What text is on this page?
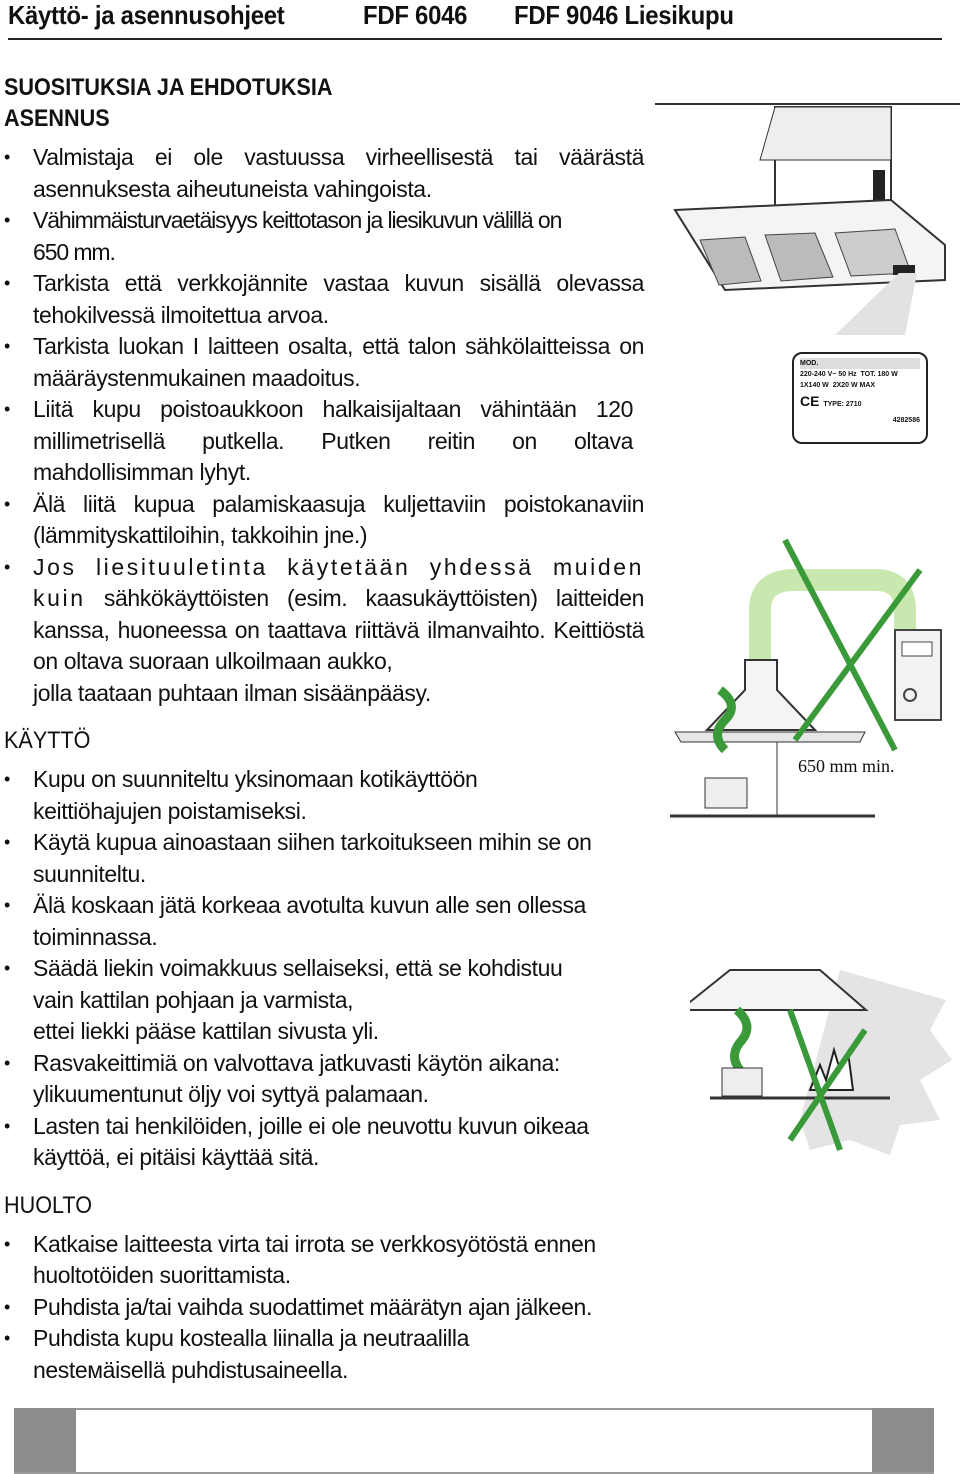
Käyttö- ja asennusohjeet	FDF 6046 FDF 9046 Liesikupu

SUOSITUKSIA JA EHDOTUKSIA

ASENNUS

• Valmistaja ei ole vastuussa virheellisestä tai väärästä asennuksesta aiheutuneista vahingoista.
• Vähimmäisturvaetäisyys keittotason ja liesikuvun välillä on 650 mm.
• Tarkista että verkkojännite vastaa kuvun sisällä olevassa tehokilvessä ilmoitettua arvoa.
• Tarkista luokan I laitteen osalta, että talon sähkölaitteissa on määräystenmukainen maadoitus.
• Liitä kupu poistoaukkoon halkaisijaltaan vähintään 120 millimetrisellä putkella. Putken reitin on oltava mahdollisimman lyhyt.
• Älä liitä kupua palamiskaasuja kuljettaviin poistokanaviin (lämmityskattiloihin, takkoihin jne.)
• Jos liesituuletinta käytetään yhdessä muiden kuin sähkökäyttöisten (esim. kaasukäyttöisten) laitteiden kanssa, huoneessa on taattava riittävä ilmanvaihto. Keittiöstä on oltava suoraan ulkoilmaan aukko,
jolla taataan puhtaan ilman sisäänpääsy.

KÄYTTÖ

• Kupu on suunniteltu yksinomaan kotikäyttöön keittiöhajujen poistamiseksi.
• Käytä kupua ainoastaan siihen tarkoitukseen mihin se on suunniteltu.
• Älä koskaan jätä korkeaa avotulta kuvun alle sen ollessa toiminnassa.
• Säädä liekin voimakkuus sellaiseksi, että se kohdistuu vain kattilan pohjaan ja varmista,
ettei liekki pääse kattilan sivusta yli.
• Rasvakeittimiä on valvottava jatkuvasti käytön aikana: ylikuumentunut öljy voi syttyä palamaan.
• Lasten tai henkilöiden, joille ei ole neuvottu kuvun oikeaa käyttöä, ei pitäisi käyttää sitä.

HUOLTO

• Katkaise laitteesta virta tai irrota se verkkosyötöstä ennen huoltotöiden suorittamista.
• Puhdista ja/tai vaihda suodattimet määrätyn ajan jälkeen.
• Puhdista kupu kostealla liinalla ja neutraalilla nesteмäisellä puhdistusaineella.
MOD.
220-240 V~ 50 Hz TOT. 180 W
1X140 W 2X20 W MAX
CE TYPE: 2710
4282586
650 mm min.
